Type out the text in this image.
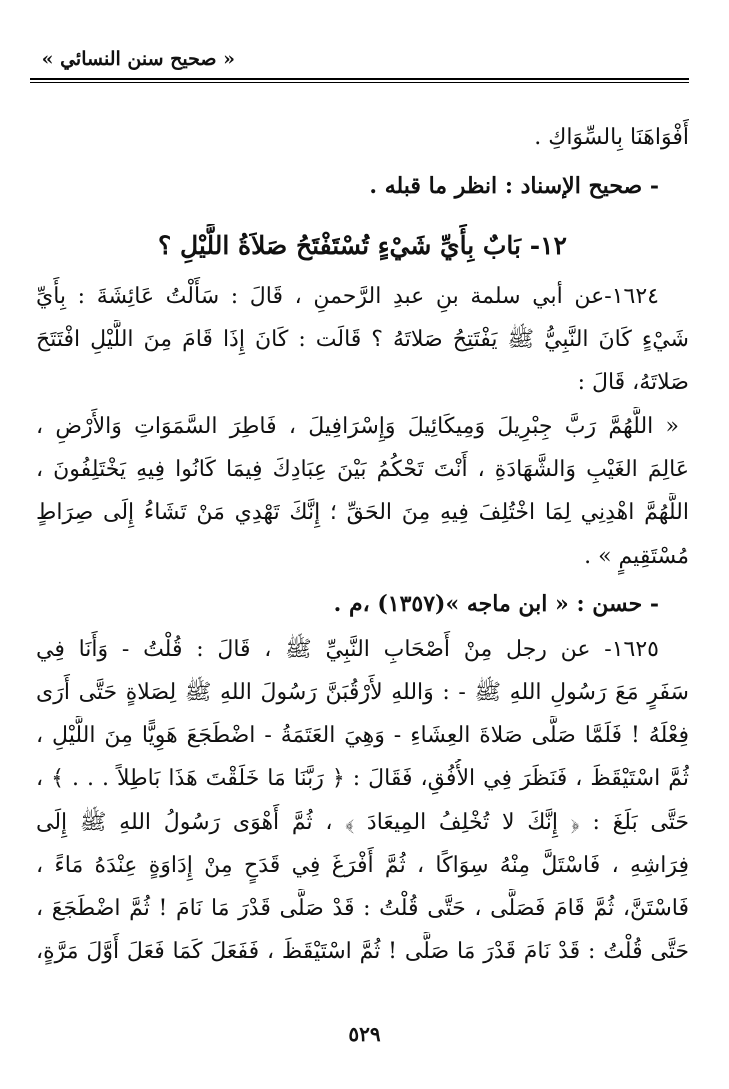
« صحيح سنن النسائي »
أَفْوَاهَنَا بِالسِّوَاكِ .
- صحيح الإسناد : انظر ما قبله .
١٢- بَابٌ بِأَيِّ شَيْءٍ تُسْتَفْتَحُ صَلاَةُ اللَّيْلِ ؟
١٦٢٤-عن أبي سلمة بنِ عبدِ الرَّحمنِ ، قَالَ : سَأَلْتُ عَائِشَةَ : بِأَيِّ
شَيْءٍ كَانَ النَّبِيُّ ﷺ يَفْتَتِحُ صَلاتَهُ ؟ قَالَت : كَانَ إِذَا قَامَ مِنَ اللَّيْلِ افْتَتَحَ
صَلاتَهُ، قَالَ :
« اللَّهُمَّ رَبَّ جِبْرِيلَ وَمِيكَائِيلَ وَإِسْرَافِيلَ ، فَاطِرَ السَّمَوَاتِ وَالأَرْضِ ،
عَالِمَ الغَيْبِ وَالشَّهَادَةِ ، أَنْتَ تَحْكُمُ بَيْنَ عِبَادِكَ فِيمَا كَانُوا فِيهِ يَخْتَلِفُونَ ،
اللَّهُمَّ اهْدِنِي لِمَا اخْتُلِفَ فِيهِ مِنَ الحَقِّ ؛ إِنَّكَ تَهْدِي مَنْ تَشَاءُ إِلَى صِرَاطٍ
مُسْتَقِيمٍ » .
- حسن : « ابن ماجه »(١٣٥٧) ،م .
١٦٢٥- عن رجل مِنْ أَصْحَابِ النَّبِيِّ ﷺ ، قَالَ : قُلْتُ - وَأَنَا فِي
سَفَرٍ مَعَ رَسُولِ اللهِ ﷺ - : وَاللهِ لأَرْقُبَنَّ رَسُولَ اللهِ ﷺ لِصَلاةٍ حَتَّى أَرَى
فِعْلَهُ ! فَلَمَّا صَلَّى صَلاةَ العِشَاءِ - وَهِيَ العَتَمَةُ - اضْطَجَعَ هَوِيًّا مِنَ اللَّيْلِ ،
ثُمَّ اسْتَيْقَظَ ، فَنَظَرَ فِي الأُفُقِ، فَقَالَ : ﴿ رَبَّنَا مَا خَلَقْتَ هَذَا بَاطِلاً . . . ﴾ ،
حَتَّى بَلَغَ : ﴿ إِنَّكَ لا تُخْلِفُ المِيعَادَ ﴾ ، ثُمَّ أَهْوَى رَسُولُ اللهِ ﷺ إِلَى
فِرَاشِهِ ، فَاسْتَلَّ مِنْهُ سِوَاكًا ، ثُمَّ أَفْرَغَ فِي قَدَحٍ مِنْ إِدَاوَةٍ عِنْدَهُ مَاءً ،
فَاسْتَنَّ، ثُمَّ قَامَ فَصَلَّى ، حَتَّى قُلْتُ : قَدْ صَلَّى قَدْرَ مَا نَامَ ! ثُمَّ اضْطَجَعَ ،
حَتَّى قُلْتُ : قَدْ نَامَ قَدْرَ مَا صَلَّى ! ثُمَّ اسْتَيْقَظَ ، فَفَعَلَ كَمَا فَعَلَ أَوَّلَ مَرَّةٍ،
٥٢٩
